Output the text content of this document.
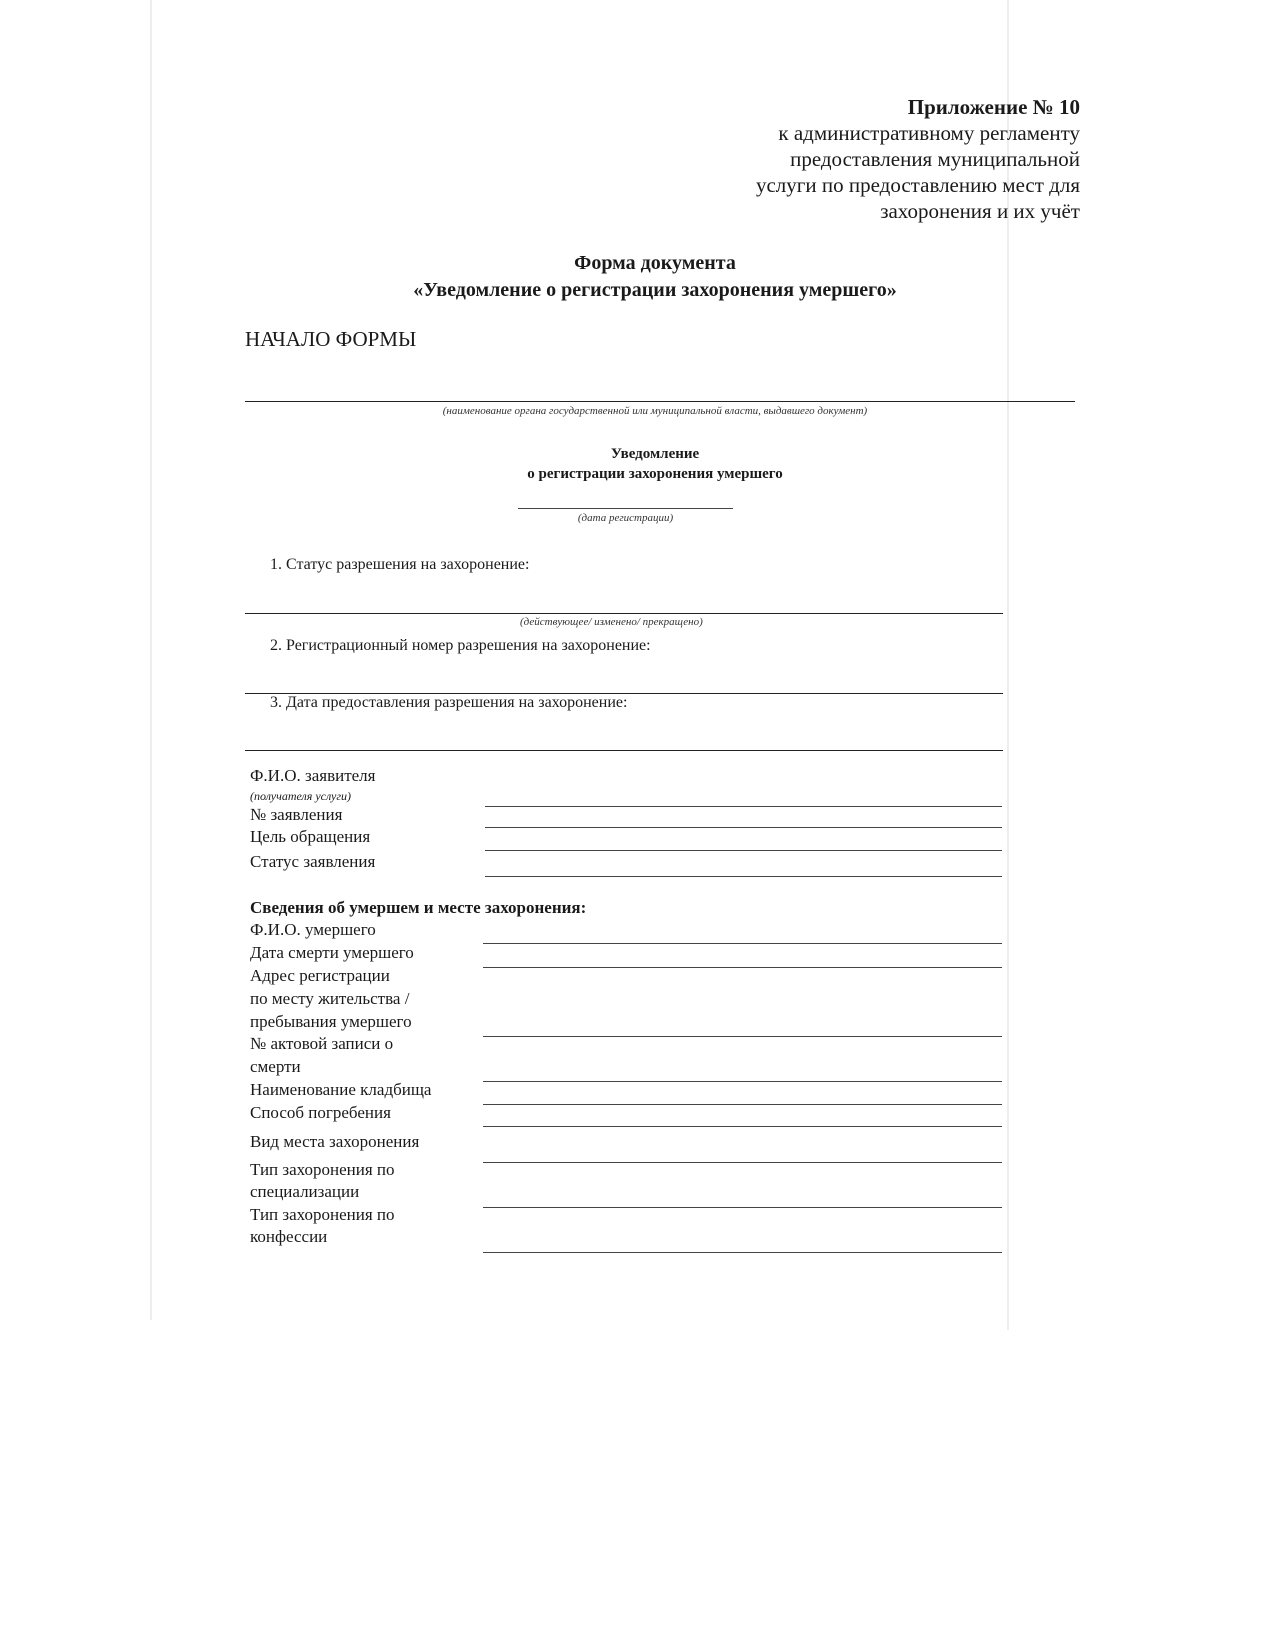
Приложение № 10
к административному регламенту
предоставления муниципальной
услуги по предоставлению мест для
захоронения и их учёт
Форма документа
«Уведомление о регистрации захоронения умершего»
НАЧАЛО ФОРМЫ
(наименование органа государственной или муниципальной власти, выдавшего документ)
Уведомление
о регистрации захоронения умершего
(дата регистрации)
1. Статус разрешения на захоронение:
(действующее/ изменено/ прекращено)
2. Регистрационный номер разрешения на захоронение:
3. Дата предоставления разрешения на захоронение:
Ф.И.О. заявителя
(получателя услуги)
№ заявления
Цель обращения
Статус заявления
Сведения об умершем и месте захоронения:
Ф.И.О. умершего
Дата смерти умершего
Адрес регистрации
по месту жительства /
пребывания умершего
№ актовой записи о
смерти
Наименование кладбища
Способ погребения
Вид места захоронения
Тип захоронения по
специализации
Тип захоронения по
конфессии
